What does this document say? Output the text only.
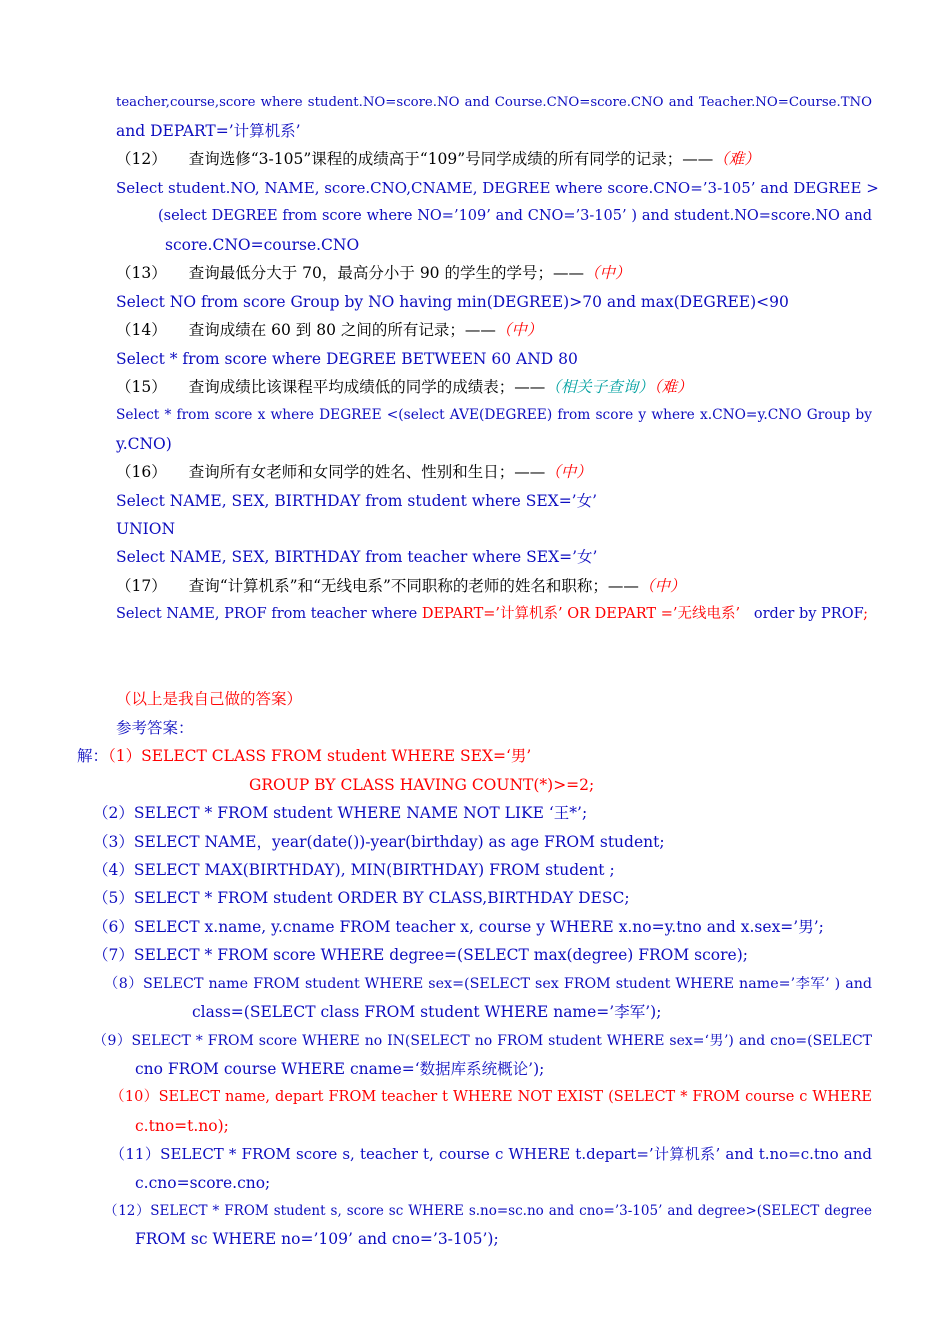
teacher,course,score where student.NO=score.NO and Course.CNO=score.CNO and Teacher.NO=Course.TNO
and DEPART=’计算机系’
（12） 查询选修“3-105”课程的成绩高于“109”号同学成绩的所有同学的记录；——（难）
Select student.NO, NAME, score.CNO,CNAME, DEGREE where score.CNO=’3-105’ and DEGREE >
(select DEGREE from score where NO=’109’ and CNO=’3-105’ ) and student.NO=score.NO and
score.CNO=course.CNO
（13） 查询最低分大于 70，最高分小于 90 的学生的学号；——（中）
Select NO from score Group by NO having min(DEGREE)>70 and max(DEGREE)<90
（14） 查询成绩在 60 到 80 之间的所有记录；——（中）
Select * from score where DEGREE BETWEEN 60 AND 80
（15） 查询成绩比该课程平均成绩低的同学的成绩表；——（相关子查询）（难）
Select * from score x where DEGREE <(select AVE(DEGREE) from score y where x.CNO=y.CNO Group by
y.CNO)
（16） 查询所有女老师和女同学的姓名、性别和生日；——（中）
Select NAME, SEX, BIRTHDAY from student where SEX=’女’
UNION
Select NAME, SEX, BIRTHDAY from teacher where SEX=’女’
（17） 查询“计算机系”和“无线电系”不同职称的老师的姓名和职称；——（中）
Select NAME, PROF from teacher where DEPART=’计算机系’ OR DEPART =’无线电系’ order by PROF;
（以上是我自己做的答案）
参考答案：
解：（1）SELECT CLASS FROM student WHERE SEX=‘男’
GROUP BY CLASS HAVING COUNT(*)>=2;
（2）SELECT * FROM student WHERE NAME NOT LIKE ‘王*’;
（3）SELECT NAME，year(date())-year(birthday) as age FROM student;
（4）SELECT MAX(BIRTHDAY), MIN(BIRTHDAY) FROM student ;
（5）SELECT * FROM student ORDER BY CLASS,BIRTHDAY DESC;
（6）SELECT x.name, y.cname FROM teacher x, course y WHERE x.no=y.tno and x.sex=’男’;
（7）SELECT * FROM score WHERE degree=(SELECT max(degree) FROM score);
（8）SELECT name FROM student WHERE sex=(SELECT sex FROM student WHERE name=’李军’ ) and
class=(SELECT class FROM student WHERE name=’李军’);
（9）SELECT * FROM score WHERE no IN(SELECT no FROM student WHERE sex=‘男’) and cno=(SELECT
cno FROM course WHERE cname=‘数据库系统概论’);
（10）SELECT name, depart FROM teacher t WHERE NOT EXIST (SELECT * FROM course c WHERE
c.tno=t.no);
（11）SELECT * FROM score s, teacher t, course c WHERE t.depart=’计算机系’ and t.no=c.tno and
c.cno=score.cno;
（12）SELECT * FROM student s, score sc WHERE s.no=sc.no and cno=’3-105’ and degree>(SELECT degree
FROM sc WHERE no=’109’ and cno=’3-105’);
